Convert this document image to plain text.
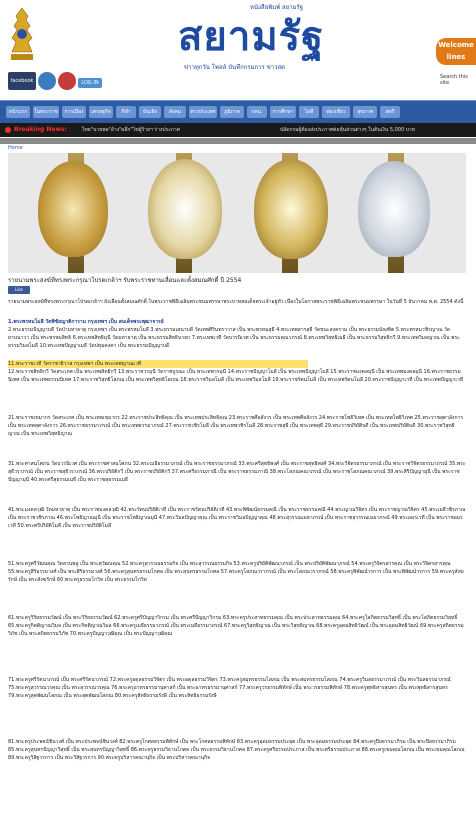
หนังสือพิมพ์ สยามรัฐ
สยามรัฐ
ข่าวทุกวัน โพลล์ บันทึกกรมการ ข่าวสด
Welcome lines
Search this site
facebook	LOG IN
หน้าแรก	ในพระราช	การเมือง	เศรษฐกิจ	กีฬา	บันเทิง	สังคม	ต่างประเทศ	ภูมิภาค	กทม.	การศึกษา	ไอที	ท่องเที่ยว	สุขภาพ	สตรี
Breaking News:	ไทย"นายพล"อ้าง"ผลึก"ไขผู้ร้ายฯ ร่างประกาศ	ปลัดกรมผู้ต้องส่งประกาศต่อหุ้นส่วนต่างๆ ในต้นเงิน 5,000 บาท
Home
รายนามพระสงฆ์ที่ทรงพระกรุณาโปรดเกล้าฯ รับพระราชทานเลื่อนและตั้งสมณศักดิ์ ปี 2554
Like
รายนามพระสงฆ์ที่ทรงพระกรุณาโปรดเกล้าฯ ยังเลื่อนตั้งสมณศักดิ์ ในพระราชพิธีเฉลิมพระชนมพรรษาพระบาทสมเด็จพระเจ้าอยู่หัว เนื่องในโอกาสพระราชพิธีเฉลิมพระชนมพรรษา ในวันที่ 5 ธันวาคม พ.ศ. 2554 ดังนี้
1.พระพรหมโมลี วัดพิชัยญาติการาม กรุงเทพฯ เป็น สมเด็จพระพุฒาจารย์
2.พระธรรมปัญญาบดี วัดป่ามหาธาตุ กรุงเทพฯ เป็น พระพรหมโมลี 3.พระธรรมเสนาบดี วัดเทพศิรินทราวาส เป็น พระพรหมสุธี 4.พระเทพสารสุธี วัดชนะสงคราม เป็น พระธรรมบัณฑิต 5.พระพรหมวชิรญาณ วัดยานนาวา เป็น พระพรหมสิทธิ 6.พระเทพสิทธิมุนี วัดมหาธาตุ เป็น พระธรรมสิทธินายก 7.พระเทพเวที วัดบวรนิเวศ เป็น พระธรรมคุณาภรณ์ 8.พระเทพวิสุทธิเมธี เป็น พระธรรมวิสุทธิกวี 9.พระเทพวิมลญาณ เป็น พระธรรมวิมลโมลี 10.พระเทพปัญญาเมธี วัดปทุมคงคา เป็น พระธรรมปัญญาบดี
11.พระราชเวที วัดราชาธิวาส กรุงเทพฯ เป็น พระเทพญาณเวที
12.พระราชสิทธิกวี วัดสระเกศ เป็น พระเทพสิทธิกวี 13.พระราชวรมุนี วัดราชบูรณะ เป็น พระเทพวรมุนี 14.พระราชปัญญาโมลี เป็น พระเทพปัญญาโมลี 15.พระราชมงคลมุนี เป็น พระเทพมงคลมุนี 16.พระราชธรรมนิเทศ เป็น พระเทพธรรมนิเทศ 17.พระราชวิสุทธิโสภณ เป็น พระเทพวิสุทธิโสภณ 18.พระราชวิมลโมลี เป็น พระเทพวิมลโมลี 19.พระราชรัตนโมลี เป็น พระเทพรัตนโมลี 20.พระราชปัญญาเวที เป็น พระเทพปัญญาเวที
21.พระราชเขมากร วัดสระเกศ เป็น พระเทพเขมากร 22.พระราชประสิทธิคุณ เป็น พระเทพประสิทธิคุณ 23.พระราชศีลสังวร เป็น พระเทพศีลสังวร 24.พระราชโพธิวิเทศ เป็น พระเทพโพธิวิเทศ 25.พระราชสุตาลังการ เป็น พระเทพสุตาลังการ 26.พระราชธรรมาภรณ์ เป็น พระเทพธรรมาภรณ์ 27.พระราชวชิรโมลี เป็น พระเทพวชิรโมลี 28.พระราชสุธี เป็น พระเทพสุธี 29.พระราชปริยัติบดี เป็น พระเทพปริยัติบดี 30.พระราชวิสุทธิญาณ เป็น พระเทพวิสุทธิญาณ
31.พระศาสนโศภน วัดบวรนิเวศ เป็น พระราชศาสนโศภน 32.พระเมธีธรรมาภรณ์ เป็น พระราชธรรมาภรณ์ 33.พระศรีสุทธิพงศ์ เป็น พระราชสุทธิพงศ์ 34.พระวิจิตรธรรมาภรณ์ เป็น พระราชวิจิตรธรรมาภรณ์ 35.พระสุธีวราภรณ์ เป็น พระราชสุธีวราภรณ์ 36.พระปริยัติกวี เป็น พระราชปริยัติกวี 37.พระศรีธรรมภาณี เป็น พระราชธรรมภาณี 38.พระโสภณคณาภรณ์ เป็น พระราชโสภณคณาภรณ์ 39.พระสิริปัญญามุนี เป็น พระราชปัญญามุนี 40.พระศรีสุธรรมเมธี เป็น พระราชสุธรรมเมธี
41.พระมงคลวุฒิ วัดมหาธาตุ เป็น พระราชมงคลวุฒิ 42.พระรัตนปริยัติเวที เป็น พระราชรัตนปริยัติเวที 43.พระพิพัฒน์ธรรมคณี เป็น พระราชธรรมคณี 44.พระญาณวิจิตร เป็น พระราชญาณวิจิตร 45.พระเมธีวชิรภาณ เป็น พระราชวชิรภาณ 46.พระโพธิญาณมุนี เป็น พระราชโพธิญาณมุนี 47.พระวิมลปัญญาคุณ เป็น พระราชวิมลปัญญาคุณ 48.พระสุวรรณเมธาภรณ์ เป็น พระราชสุวรรณเมธาภรณ์ 49.พระอมรเวที เป็น พระราชอมรเวที 50.พระศรีปริยัติโมลี เป็น พระราชปริยัติโมลี
51.พระครูศรีวัฒนคุณ วัดสวนพลู เป็น พระสุวัฒนคุณ 52.พระครูสุวรรณธรรมกิจ เป็น พระสุวรรณธรรมกิจ 53.พระครูปริยัติพัฒนาภรณ์ เป็น พระปริยัติพัฒนาภรณ์ 54.พระครูวิจิตรสารคุณ เป็น พระวิจิตรสารคุณ 55.พระครูสิริธรรมวงศ์ เป็น พระสิริธรรมวงศ์ 56.พระครูสุนทรธรรมโกศล เป็น พระสุนทรธรรมโกศล 57.พระครูโสภณวราภรณ์ เป็น พระโสภณวราภรณ์ 58.พระครูพิพัฒน์วรการ เป็น พระพิพัฒน์วรการ 59.พระครูสังฆรักษ์ เป็น พระสังฆรักษ์ 60.พระครูธรรมโกวิท เป็น พระธรรมโกวิท
61.พระครูวิริยธรรมวัฒน์ เป็น พระวิริยธรรมวัฒน์ 62.พระครูศรีปัญญาวิกรม เป็น พระศรีปัญญาวิกรม 63.พระครูประสาทธรรมคุณ เป็น พระประสาทธรรมคุณ 64.พระครูโสภิตธรรมวิสุทธิ์ เป็น พระโสภิตธรรมวิสุทธิ์ 65.พระครูกิตติญาณวิมล เป็น พระกิตติญาณวิมล 66.พระครูเมธีธรรมาภรณ์ เป็น พระเมธีธรรมาภรณ์ 67.พระครูวิสุทธิญาณ เป็น พระวิสุทธิญาณ 68.พระครูอุดมสิทธิวัฒน์ เป็น พระอุดมสิทธิวัฒน์ 69.พระครูสถิตธรรมวิภัช เป็น พระสถิตธรรมวิภัช 70.พระครูปัญญาวุฒิคุณ เป็น พระปัญญาวุฒิคุณ
71.พระครูศรีรัตนาภรณ์ เป็น พระศรีรัตนาภรณ์ 72.พระครูอดุลธรรมวิจิตร เป็น พระอดุลธรรมวิจิตร 73.พระครูสมุทรธรรมโสภณ เป็น พระสมุทรธรรมโสภณ 74.พระครูวิมลธรรมาภรณ์ เป็น พระวิมลธรรมาภรณ์ 75.พระครูสุวรรณวรคุณ เป็น พระสุวรรณวรคุณ 76.พระครูอาทรธรรมานุศาสก์ เป็น พระอาทรธรรมานุศาสก์ 77.พระครูวรธรรมพิทักษ์ เป็น พระวรธรรมพิทักษ์ 78.พระครูพุทธิสารสุนทร เป็น พระพุทธิสารสุนทร 79.พระครูสุตพัฒนโสภณ เป็น พระสุตพัฒนโสภณ 80.พระครูสิทธิธรรมรังษี เป็น พระสิทธิธรรมรังษี
81.พระครูประพจน์ชินวงศ์ เป็น พระประพจน์ชินวงศ์ 82.พระครูโกศลธรรมพิทักษ์ เป็น พระโกศลธรรมพิทักษ์ 83.พระครูอุดมธรรมประยุต เป็น พระอุดมธรรมประยุต 84.พระครูปิยธรรมาภิรม เป็น พระปิยธรรมาภิรม 85.พระครูสุนทรปัญญาวิสุทธิ์ เป็น พระสุนทรปัญญาวิสุทธิ์ 86.พระครูธรรมวิธานโกศล เป็น พระธรรมวิธานโกศล 87.พระครูศรีธรรมประภาส เป็น พระศรีธรรมประภาส 88.พระครูเขมคุณโสภณ เป็น พระเขมคุณโสภณ 89.พระครูวิสิฐวรการ เป็น พระวิสิฐวรการ 90.พระครูบริหารคณานุกิจ เป็น พระบริหารคณานุกิจ
